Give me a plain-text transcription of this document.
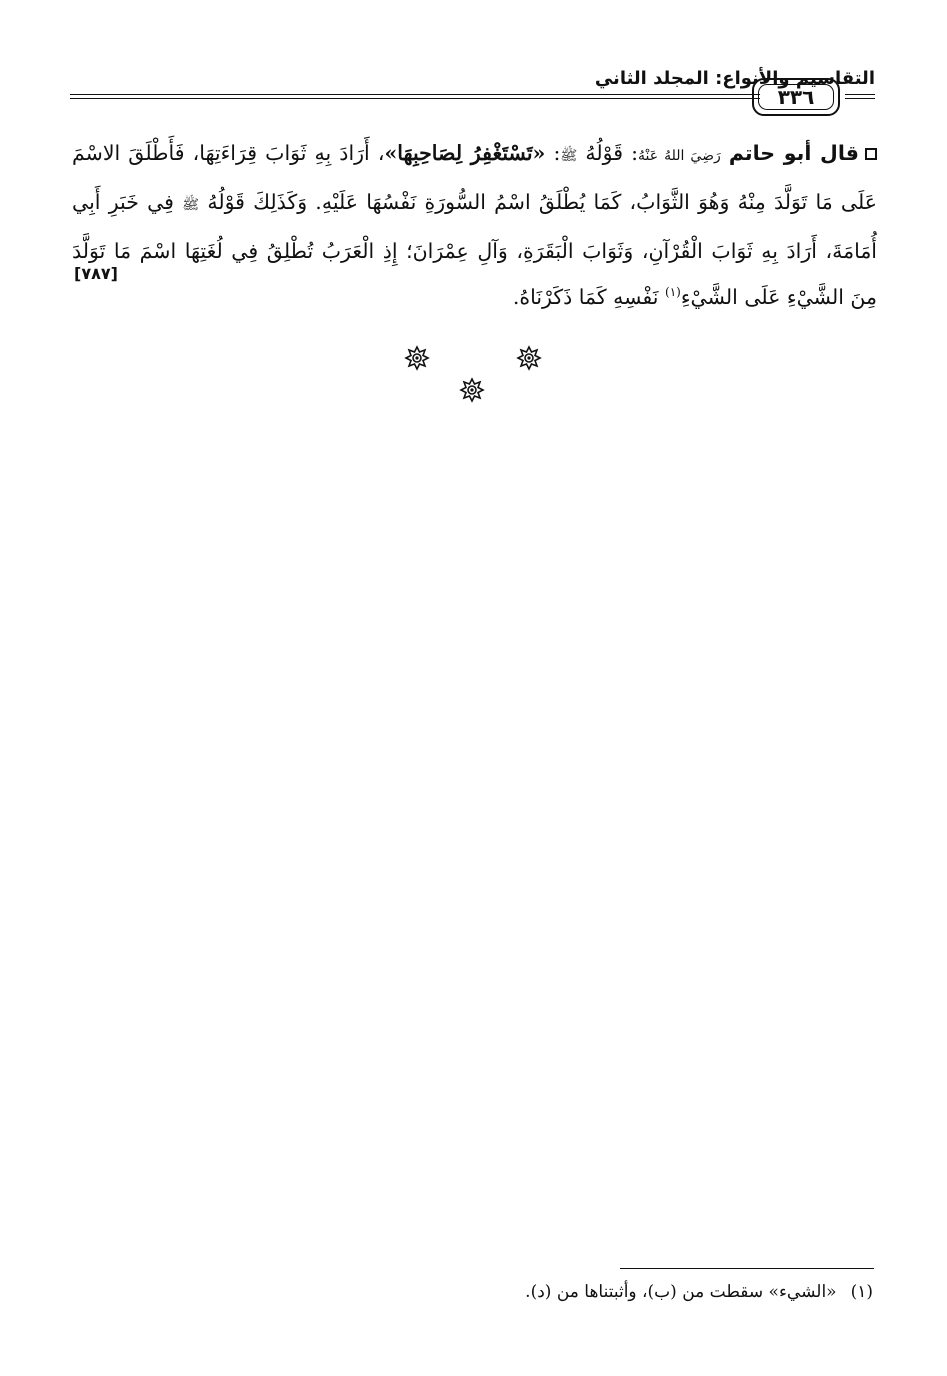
التقاسيم والأنواع: المجلد الثاني
٣٣٦

قال أبو حاتم رَضِيَ اللهُ عَنْهُ: قَوْلُهُ ﷺ: «تَسْتَغْفِرُ لِصَاحِبِهَا»، أَرَادَ بِهِ ثَوَابَ قِرَاءَتِهَا، فَأَطْلَقَ الاسْمَ عَلَى مَا تَوَلَّدَ مِنْهُ وَهُوَ الثَّوَابُ، كَمَا يُطْلَقُ اسْمُ السُّورَةِ نَفْسُهَا عَلَيْهِ. وَكَذَلِكَ قَوْلُهُ ﷺ فِي خَبَرِ أَبِي أُمَامَةَ، أَرَادَ بِهِ ثَوَابَ الْقُرْآنِ، وَثَوَابَ الْبَقَرَةِ، وَآلِ عِمْرَانَ؛ إِذِ الْعَرَبُ تُطْلِقُ فِي لُغَتِهَا اسْمَ مَا تَوَلَّدَ مِنَ الشَّيْءِ عَلَى الشَّيْءِ$^{(١)}$ نَفْسِهِ كَمَا ذَكَرْنَاهُ.

[٧٨٧]
(١)«الشيء» سقطت من (ب)، وأثبتناها من (د).
